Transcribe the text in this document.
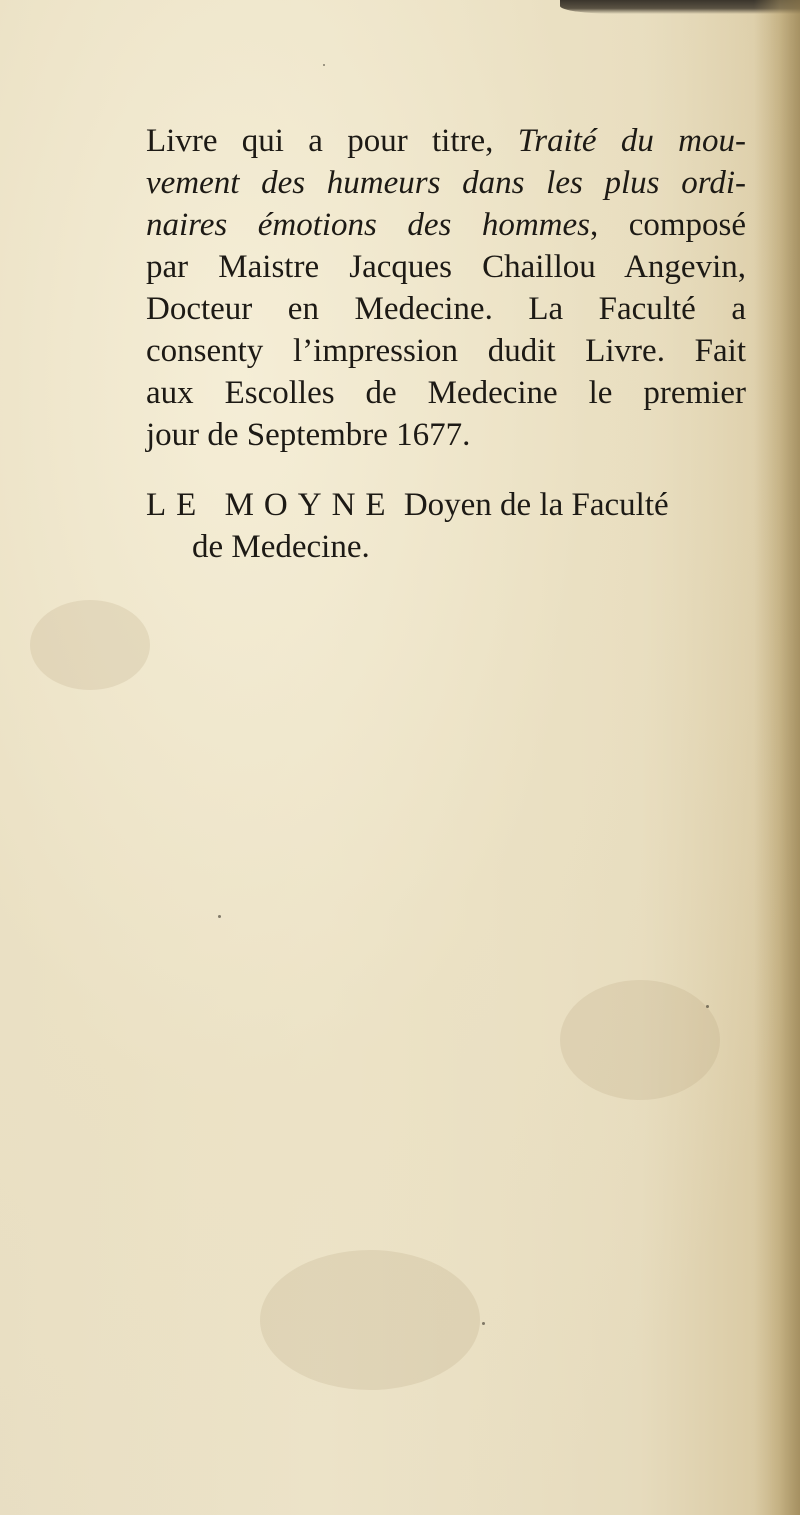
Livre qui a pour titre, Traité du mou-
vement des humeurs dans les plus ordi-
naires émotions des hommes, composé
par Maistre Jacques Chaillou Angevin,
Docteur en Medecine. La Faculté a
consenty l’impression dudit Livre. Fait
aux Escolles de Medecine le premier
jour de Septembre 1677.
LE MOYNE Doyen de la Faculté
de Medecine.
